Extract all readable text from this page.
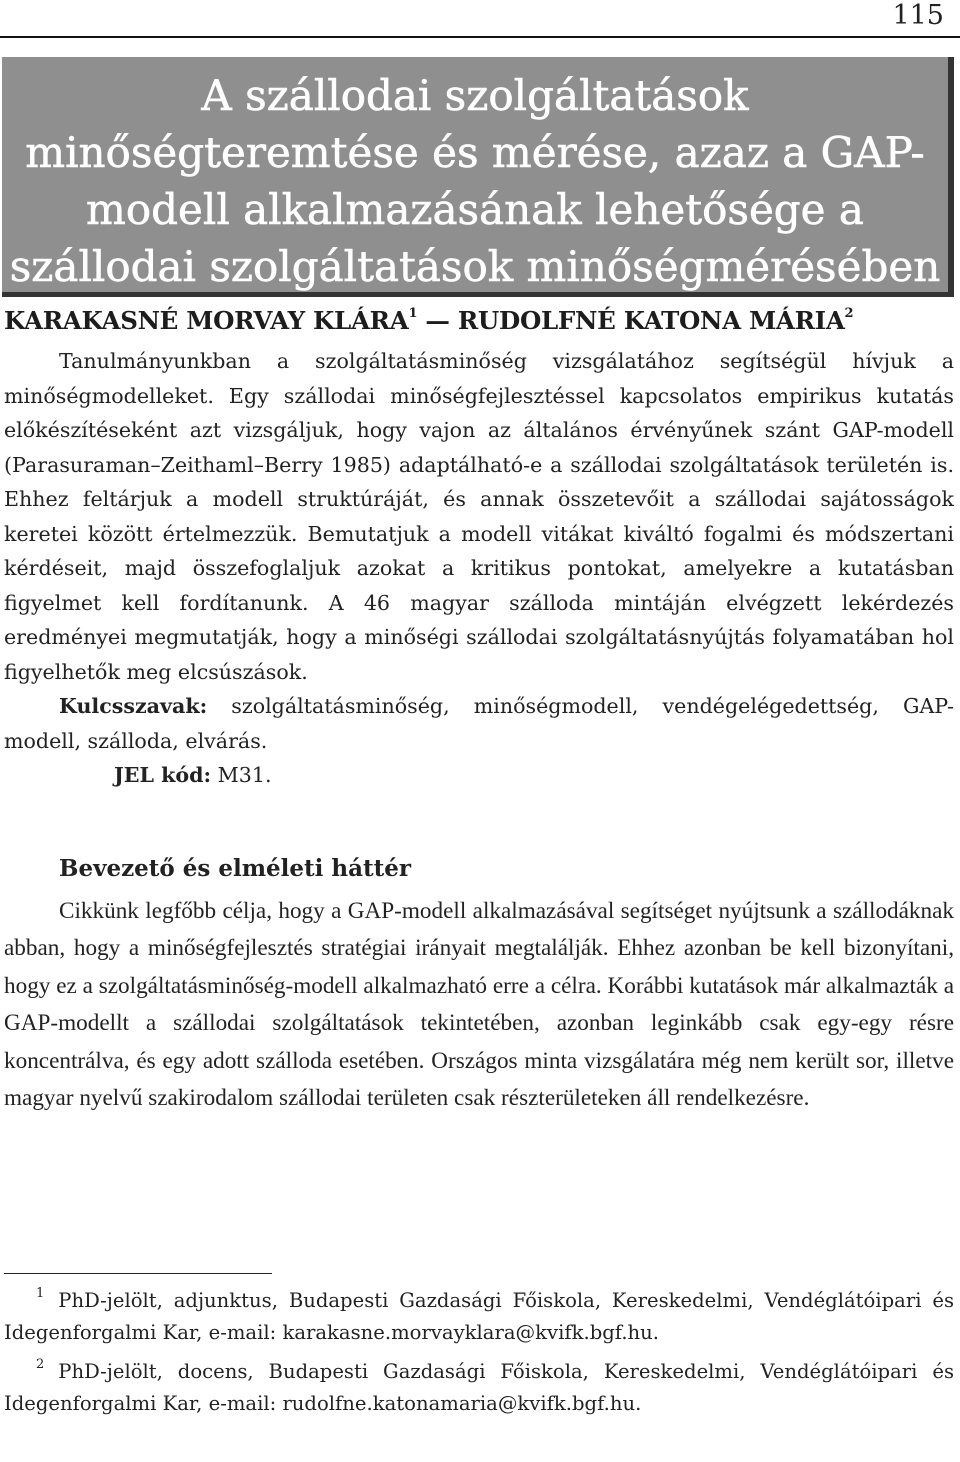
115
A szállodai szolgáltatások minőségteremtése és mérése, azaz a GAP-modell alkalmazásának lehetősége a szállodai szolgáltatások minőségmérésében
KARAKASNÉ MORVAY KLÁRA$^1$ — RUDOLFNÉ KATONA MÁRIA$^2$

Tanulmányunkban a szolgáltatásminőség vizsgálatához segítségül hívjuk a minőségmodelleket. Egy szállodai minőségfejlesztéssel kapcsolatos empirikus kutatás előkészítéseként azt vizsgáljuk, hogy vajon az általános érvényűnek szánt GAP-modell (Parasuraman–Zeithaml–Berry 1985) adaptálható-e a szállodai szolgáltatások területén is. Ehhez feltárjuk a modell struktúráját, és annak összetevőit a szállodai sajátosságok keretei között értelmezzük. Bemutatjuk a modell vitákat kiváltó fogalmi és módszertani kérdéseit, majd összefoglaljuk azokat a kritikus pontokat, amelyekre a kutatásban figyelmet kell fordítanunk. A 46 magyar szálloda mintáján elvégzett lekérdezés eredményei megmutatják, hogy a minőségi szállodai szolgáltatásnyújtás folyamatában hol figyelhetők meg elcsúszások.

Kulcsszavak: szolgáltatásminőség, minőségmodell, vendégelégedettség, GAP-modell, szálloda, elvárás.

JEL kód: M31.

Bevezető és elméleti háttér

Cikkünk legfőbb célja, hogy a GAP-modell alkalmazásával segítséget nyújtsunk a szállodáknak abban, hogy a minőségfejlesztés stratégiai irányait megtalálják. Ehhez azonban be kell bizonyítani, hogy ez a szolgáltatásminőség-modell alkalmazható erre a célra. Korábbi kutatások már alkalmazták a GAP-modellt a szállodai szolgáltatások tekintetében, azonban leginkább csak egy-egy résre koncentrálva, és egy adott szálloda esetében. Országos minta vizsgálatára még nem került sor, illetve magyar nyelvű szakirodalom szállodai területen csak részterületeken áll rendelkezésre.

$^1$ PhD-jelölt, adjunktus, Budapesti Gazdasági Főiskola, Kereskedelmi, Vendéglátóipari és Idegenforgalmi Kar, e-mail: karakasne.morvayklara@kvifk.bgf.hu.

$^2$ PhD-jelölt, docens, Budapesti Gazdasági Főiskola, Kereskedelmi, Vendéglátóipari és Idegenforgalmi Kar, e-mail: rudolfne.katonamaria@kvifk.bgf.hu.
